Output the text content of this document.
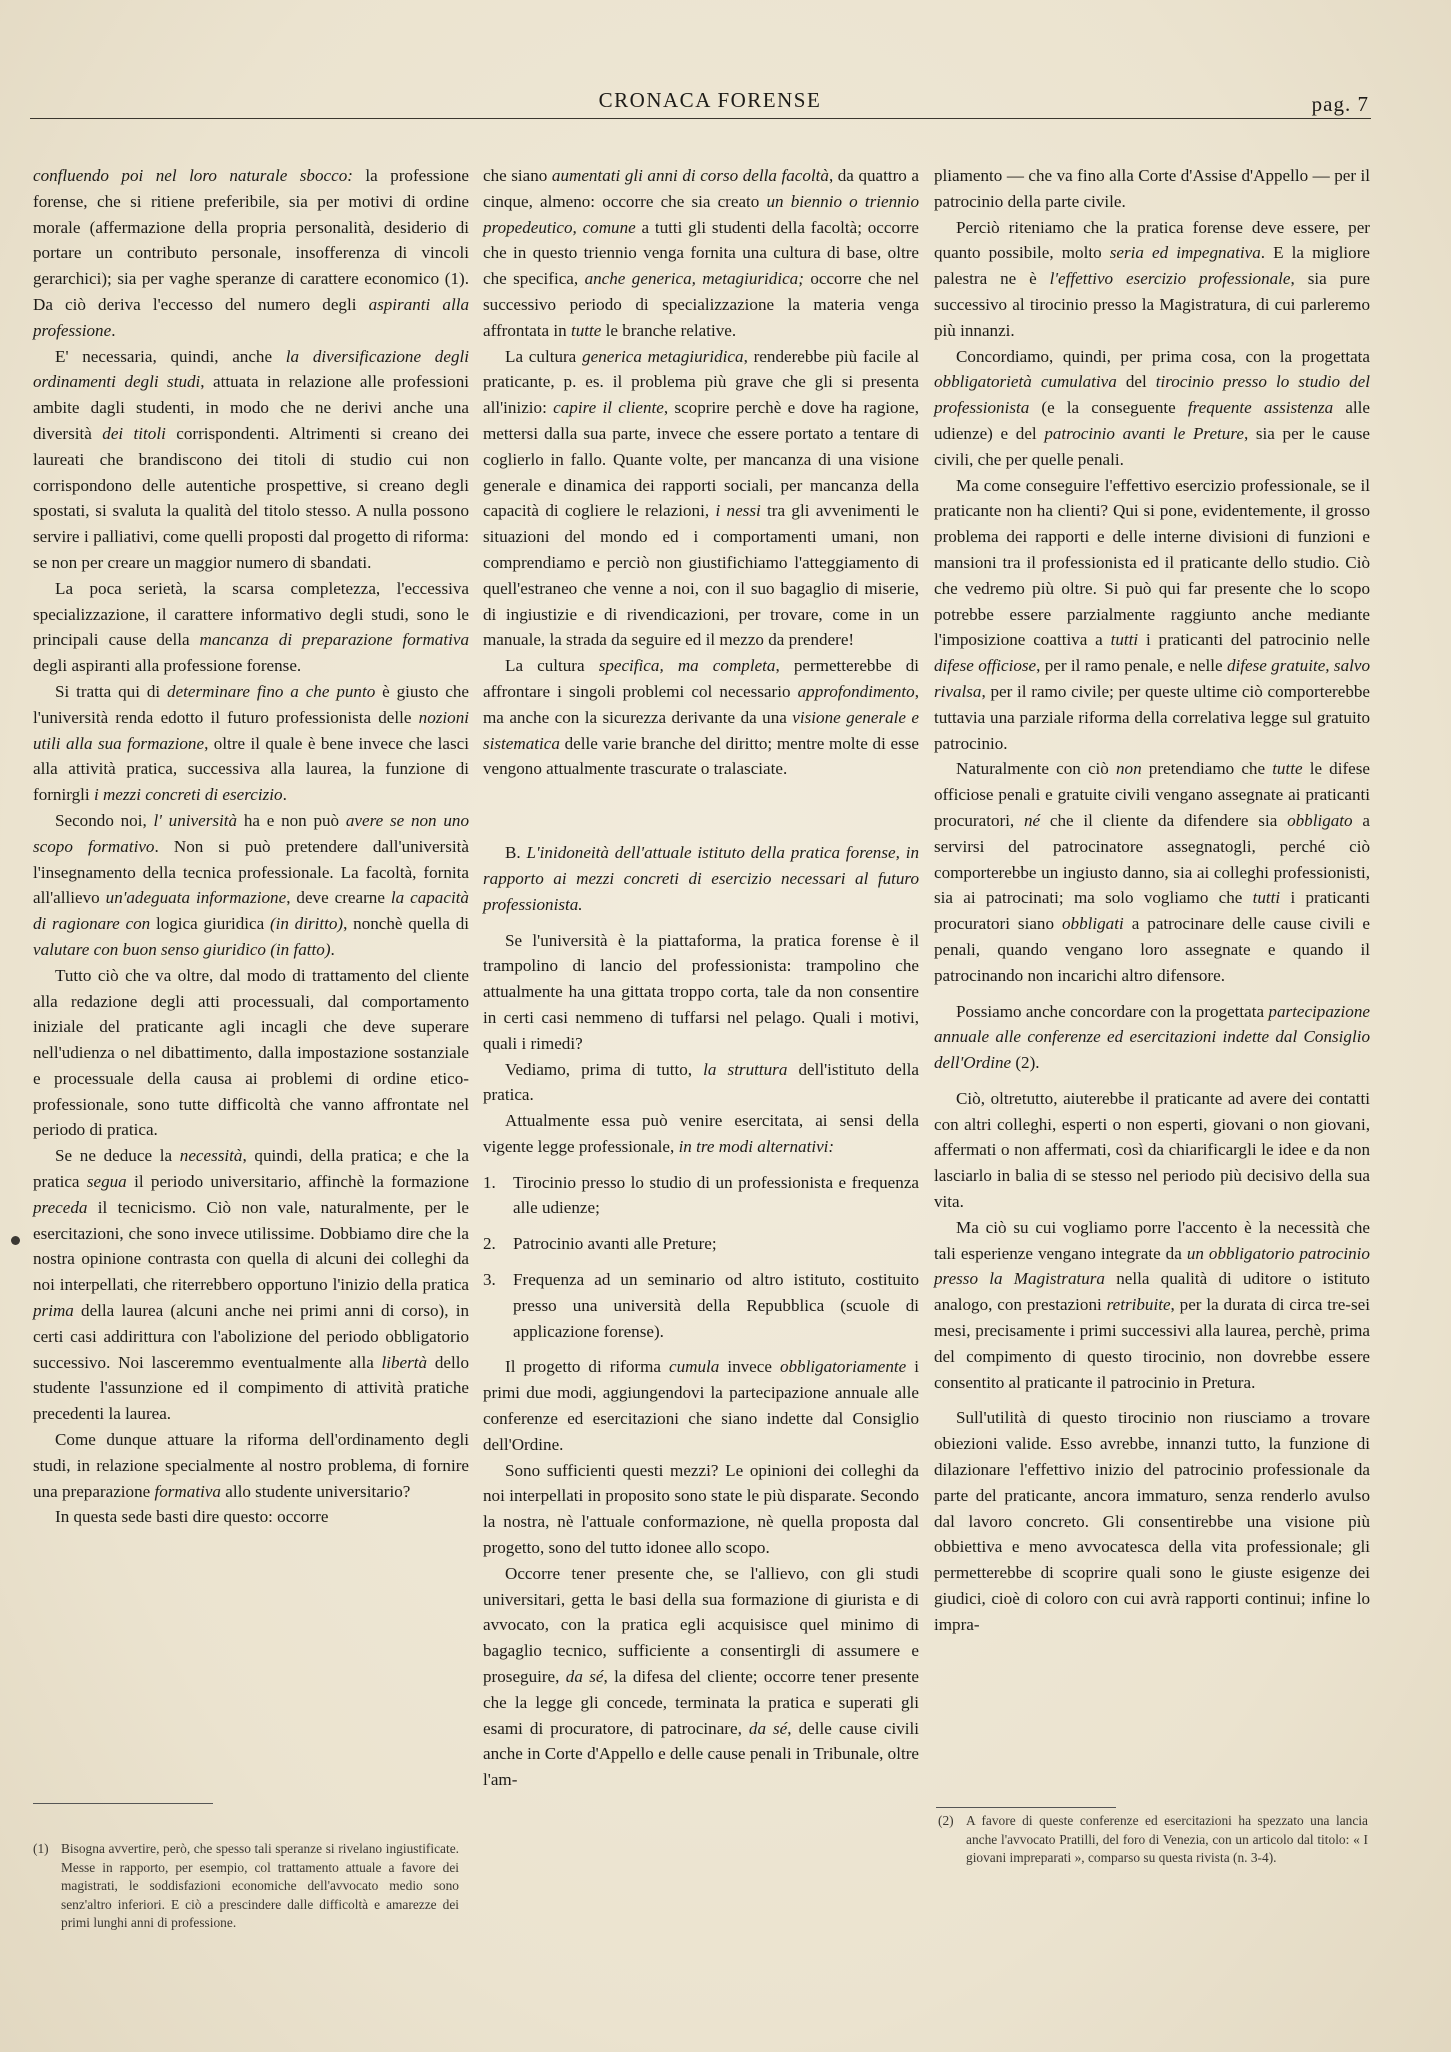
CRONACA FORENSE	pag. 7

confluendo poi nel loro naturale sbocco: la professione forense, che si ritiene preferibile, sia per motivi di ordine morale (affermazione della propria personalità, desiderio di portare un contributo personale, insofferenza di vincoli gerarchici); sia per vaghe speranze di carattere economico (1). Da ciò deriva l'eccesso del numero degli aspiranti alla professione.

E' necessaria, quindi, anche la diversificazione degli ordinamenti degli studi, attuata in relazione alle professioni ambite dagli studenti, in modo che ne derivi anche una diversità dei titoli corrispondenti. Altrimenti si creano dei laureati che brandiscono dei titoli di studio cui non corrispondono delle autentiche prospettive, si creano degli spostati, si svaluta la qualità del titolo stesso. A nulla possono servire i palliativi, come quelli proposti dal progetto di riforma: se non per creare un maggior numero di sbandati.

La poca serietà, la scarsa completezza, l'eccessiva specializzazione, il carattere informativo degli studi, sono le principali cause della mancanza di preparazione formativa degli aspiranti alla professione forense.

Si tratta qui di determinare fino a che punto è giusto che l'università renda edotto il futuro professionista delle nozioni utili alla sua formazione, oltre il quale è bene invece che lasci alla attività pratica, successiva alla laurea, la funzione di fornirgli i mezzi concreti di esercizio.

Secondo noi, l' università ha e non può avere se non uno scopo formativo. Non si può pretendere dall'università l'insegnamento della tecnica professionale. La facoltà, fornita all'allievo un'adeguata informazione, deve crearne la capacità di ragionare con logica giuridica (in diritto), nonchè quella di valutare con buon senso giuridico (in fatto).

Tutto ciò che va oltre, dal modo di trattamento del cliente alla redazione degli atti processuali, dal comportamento iniziale del praticante agli incagli che deve superare nell'udienza o nel dibattimento, dalla impostazione sostanziale e processuale della causa ai problemi di ordine etico-professionale, sono tutte difficoltà che vanno affrontate nel periodo di pratica.

Se ne deduce la necessità, quindi, della pratica; e che la pratica segua il periodo universitario, affinchè la formazione preceda il tecnicismo. Ciò non vale, naturalmente, per le esercitazioni, che sono invece utilissime. Dobbiamo dire che la nostra opinione contrasta con quella di alcuni dei colleghi da noi interpellati, che riterrebbero opportuno l'inizio della pratica prima della laurea (alcuni anche nei primi anni di corso), in certi casi addirittura con l'abolizione del periodo obbligatorio successivo. Noi lasceremmo eventualmente alla libertà dello studente l'assunzione ed il compimento di attività pratiche precedenti la laurea.

Come dunque attuare la riforma dell'ordinamento degli studi, in relazione specialmente al nostro problema, di fornire una preparazione formativa allo studente universitario?

In questa sede basti dire questo: occorre

che siano aumentati gli anni di corso della facoltà, da quattro a cinque, almeno: occorre che sia creato un biennio o triennio propedeutico, comune a tutti gli studenti della facoltà; occorre che in questo triennio venga fornita una cultura di base, oltre che specifica, anche generica, metagiuridica; occorre che nel successivo periodo di specializzazione la materia venga affrontata in tutte le branche relative.

La cultura generica metagiuridica, renderebbe più facile al praticante, p. es. il problema più grave che gli si presenta all'inizio: capire il cliente, scoprire perchè e dove ha ragione, mettersi dalla sua parte, invece che essere portato a tentare di coglierlo in fallo. Quante volte, per mancanza di una visione generale e dinamica dei rapporti sociali, per mancanza della capacità di cogliere le relazioni, i nessi tra gli avvenimenti le situazioni del mondo ed i comportamenti umani, non comprendiamo e perciò non giustifichiamo l'atteggiamento di quell'estraneo che venne a noi, con il suo bagaglio di miserie, di ingiustizie e di rivendicazioni, per trovare, come in un manuale, la strada da seguire ed il mezzo da prendere!

La cultura specifica, ma completa, permetterebbe di affrontare i singoli problemi col necessario approfondimento, ma anche con la sicurezza derivante da una visione generale e sistematica delle varie branche del diritto; mentre molte di esse vengono attualmente trascurate o tralasciate.

B. L'inidoneità dell'attuale istituto della pratica forense, in rapporto ai mezzi concreti di esercizio necessari al futuro professionista.

Se l'università è la piattaforma, la pratica forense è il trampolino di lancio del professionista: trampolino che attualmente ha una gittata troppo corta, tale da non consentire in certi casi nemmeno di tuffarsi nel pelago. Quali i motivi, quali i rimedi?

Vediamo, prima di tutto, la struttura dell'istituto della pratica.

Attualmente essa può venire esercitata, ai sensi della vigente legge professionale, in tre modi alternativi:

1.	Tirocinio presso lo studio di un professionista e frequenza alle udienze;
2.	Patrocinio avanti alle Preture;
3.	Frequenza ad un seminario od altro istituto, costituito presso una università della Repubblica (scuole di applicazione forense).

Il progetto di riforma cumula invece obbligatoriamente i primi due modi, aggiungendovi la partecipazione annuale alle conferenze ed esercitazioni che siano indette dal Consiglio dell'Ordine.

Sono sufficienti questi mezzi? Le opinioni dei colleghi da noi interpellati in proposito sono state le più disparate. Secondo la nostra, nè l'attuale conformazione, nè quella proposta dal progetto, sono del tutto idonee allo scopo.

Occorre tener presente che, se l'allievo, con gli studi universitari, getta le basi della sua formazione di giurista e di avvocato, con la pratica egli acquisisce quel minimo di bagaglio tecnico, sufficiente a consentirgli di assumere e proseguire, da sé, la difesa del cliente; occorre tener presente che la legge gli concede, terminata la pratica e superati gli esami di procuratore, di patrocinare, da sé, delle cause civili anche in Corte d'Appello e delle cause penali in Tribunale, oltre l'am-

pliamento — che va fino alla Corte d'Assise d'Appello — per il patrocinio della parte civile.

Perciò riteniamo che la pratica forense deve essere, per quanto possibile, molto seria ed impegnativa. E la migliore palestra ne è l'effettivo esercizio professionale, sia pure successivo al tirocinio presso la Magistratura, di cui parleremo più innanzi.

Concordiamo, quindi, per prima cosa, con la progettata obbligatorietà cumulativa del tirocinio presso lo studio del professionista (e la conseguente frequente assistenza alle udienze) e del patrocinio avanti le Preture, sia per le cause civili, che per quelle penali.

Ma come conseguire l'effettivo esercizio professionale, se il praticante non ha clienti? Qui si pone, evidentemente, il grosso problema dei rapporti e delle interne divisioni di funzioni e mansioni tra il professionista ed il praticante dello studio. Ciò che vedremo più oltre. Si può qui far presente che lo scopo potrebbe essere parzialmente raggiunto anche mediante l'imposizione coattiva a tutti i praticanti del patrocinio nelle difese officiose, per il ramo penale, e nelle difese gratuite, salvo rivalsa, per il ramo civile; per queste ultime ciò comporterebbe tuttavia una parziale riforma della correlativa legge sul gratuito patrocinio.

Naturalmente con ciò non pretendiamo che tutte le difese officiose penali e gratuite civili vengano assegnate ai praticanti procuratori, né che il cliente da difendere sia obbligato a servirsi del patrocinatore assegnatogli, perché ciò comporterebbe un ingiusto danno, sia ai colleghi professionisti, sia ai patrocinati; ma solo vogliamo che tutti i praticanti procuratori siano obbligati a patrocinare delle cause civili e penali, quando vengano loro assegnate e quando il patrocinando non incarichi altro difensore.

Possiamo anche concordare con la progettata partecipazione annuale alle conferenze ed esercitazioni indette dal Consiglio dell'Ordine (2).

Ciò, oltretutto, aiuterebbe il praticante ad avere dei contatti con altri colleghi, esperti o non esperti, giovani o non giovani, affermati o non affermati, così da chiarificargli le idee e da non lasciarlo in balia di se stesso nel periodo più decisivo della sua vita.

Ma ciò su cui vogliamo porre l'accento è la necessità che tali esperienze vengano integrate da un obbligatorio patrocinio presso la Magistratura nella qualità di uditore o istituto analogo, con prestazioni retribuite, per la durata di circa tre-sei mesi, precisamente i primi successivi alla laurea, perchè, prima del compimento di questo tirocinio, non dovrebbe essere consentito al praticante il patrocinio in Pretura.

Sull'utilità di questo tirocinio non riusciamo a trovare obiezioni valide. Esso avrebbe, innanzi tutto, la funzione di dilazionare l'effettivo inizio del patrocinio professionale da parte del praticante, ancora immaturo, senza renderlo avulso dal lavoro concreto. Gli consentirebbe una visione più obbiettiva e meno avvocatesca della vita professionale; gli permetterebbe di scoprire quali sono le giuste esigenze dei giudici, cioè di coloro con cui avrà rapporti continui; infine lo impra-

(1) Bisogna avvertire, però, che spesso tali speranze si rivelano ingiustificate. Messe in rapporto, per esempio, col trattamento attuale a favore dei magistrati, le soddisfazioni economiche dell'avvocato medio sono senz'altro inferiori. E ciò a prescindere dalle difficoltà e amarezze dei primi lunghi anni di professione.
(2) A favore di queste conferenze ed esercitazioni ha spezzato una lancia anche l'avvocato Pratilli, del foro di Venezia, con un articolo dal titolo: « I giovani impreparati », comparso su questa rivista (n. 3-4).
